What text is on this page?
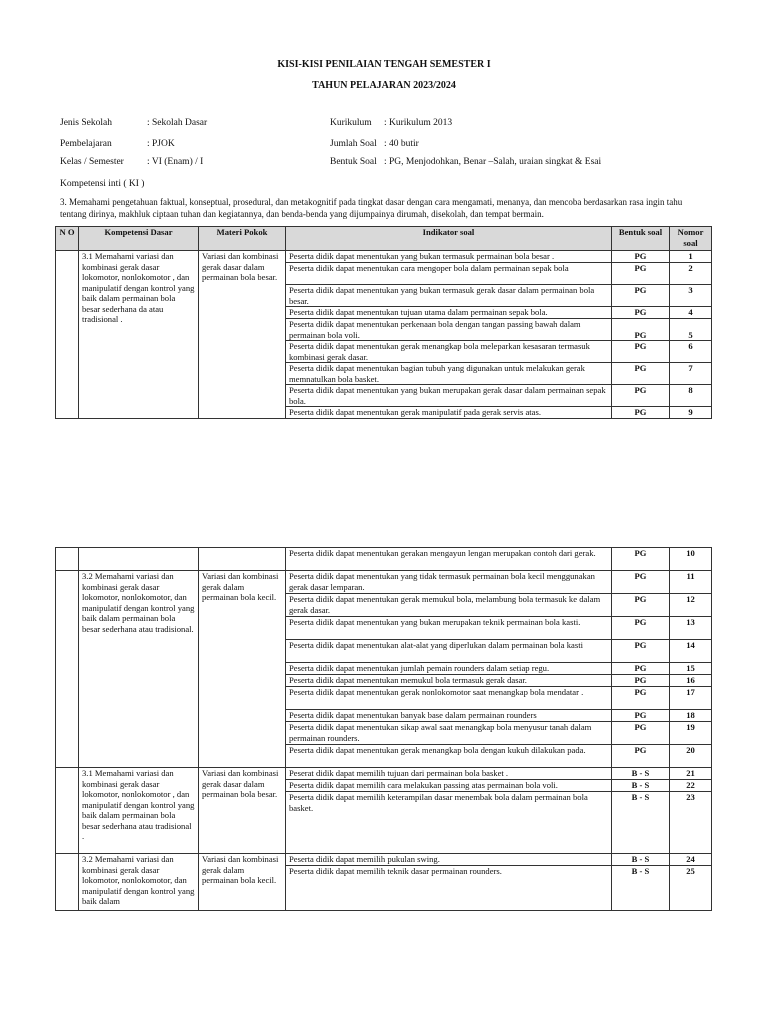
KISI-KISI PENILAIAN TENGAH SEMESTER I
TAHUN PELAJARAN 2023/2024
Jenis Sekolah	: Sekolah Dasar
Pembelajaran	: PJOK
Kelas / Semester : VI (Enam) / I
Kurikulum : Kurikulum 2013
Jumlah Soal : 40 butir
Bentuk Soal : PG, Menjodohkan, Benar –Salah, uraian singkat & Esai
Kompetensi inti ( KI )
3. Memahami pengetahuan faktual, konseptual, prosedural, dan metakognitif pada tingkat dasar dengan cara mengamati, menanya, dan mencoba berdasarkan rasa ingin tahu tentang dirinya, makhluk ciptaan tuhan dan kegiatannya, dan benda-benda yang dijumpainya dirumah, disekolah, dan tempat bermain.
N O	Kompetensi Dasar	Materi Pokok	Indikator soal	Bentuk soal	Nomor soal
	3.1 Memahami variasi dan kombinasi gerak dasar lokomotor, nonlokomotor , dan manipulatif dengan kontrol yang baik dalam permainan bola besar sederhana da atau tradisional .	Variasi dan kombinasi gerak dasar dalam permainan bola besar.	Peserta didik dapat menentukan yang bukan termasuk permainan bola besar .	PG	1
			Peserta didik dapat menentukan cara mengoper bola dalam permainan sepak bola	PG	2
			Peserta didik dapat menentukan yang bukan termasuk gerak dasar dalam permainan bola besar.	PG	3
			Peserta didik dapat menentukan tujuan utama dalam permainan sepak bola.	PG	4
			Peserta didik dapat menentukan perkenaan bola dengan tangan passing bawah dalam permainan bola voli.	PG	5
			Peserta didik dapat menentukan gerak menangkap bola meleparkan kesasaran termasuk kombinasi gerak dasar.	PG	6
			Peserta didik dapat menentukan bagian tubuh yang digunakan untuk melakukan gerak memnatulkan bola basket.	PG	7
			Peserta didik dapat menentukan yang bukan merupakan gerak dasar dalam permainan sepak bola.	PG	8
			Peserta didik dapat menentukan gerak manipulatif pada gerak servis atas.	PG	9
			Peserta didik dapat menentukan gerakan mengayun lengan merupakan contoh dari gerak.	PG	10
	3.2 Memahami variasi dan kombinasi gerak dasar lokomotor, nonlokomotor, dan manipulatif dengan kontrol yang baik dalam permainan bola besar sederhana atau tradisional.	Variasi dan kombinasi gerak dalam permainan bola kecil.	Peserta didik dapat menentukan yang tidak termasuk permainan bola kecil menggunakan gerak dasar lemparan.	PG	11
			Peserta didik dapat menentukan gerak memukul bola, melambung bola termasuk ke dalam gerak dasar.	PG	12
			Peserta didik dapat menentukan yang bukan merupakan teknik permainan bola kasti.	PG	13
			Peserta didik dapat menentukan alat-alat yang diperlukan dalam permainan bola kasti	PG	14
			Peserta didik dapat menentukan jumlah pemain rounders dalam setiap regu.	PG	15
			Peserta didik dapat menentukan memukul bola termasuk gerak dasar.	PG	16
			Peserta didik dapat menentukan gerak nonlokomotor saat menangkap bola mendatar .	PG	17
			Peserta didik dapat menentukan banyak base dalam permainan rounders	PG	18
			Peserta didik dapat menentukan sikap awal saat menangkap bola menyusur tanah dalam permainan rounders.	PG	19
			Peserta didik dapat menentukan gerak menangkap bola dengan kukuh dilakukan pada.	PG	20
	3.1 Memahami variasi dan kombinasi gerak dasar lokomotor, nonlokomotor , dan manipulatif dengan kontrol yang baik dalam permainan bola besar sederhana atau tradisional .	Variasi dan kombinasi gerak dasar dalam permainan bola besar.	Peserat didik dapat memilih tujuan dari permainan bola basket .	B - S	21
			Peserta didik dapat memilih cara melakukan passing atas permainan bola voli.	B - S	22
			Peserta didik dapat memilih keterampilan dasar menembak bola dalam permainan bola basket.	B - S	23
	3.2 Memahami variasi dan kombinasi gerak dasar lokomotor, nonlokomotor, dan manipulatif dengan kontrol yang baik dalam	Variasi dan kombinasi gerak dalam permainan bola kecil.	Peserta didik dapat memilih pukulan swing.	B - S	24
			Peserta didik dapat memilih teknik dasar permainan rounders.	B - S	25
